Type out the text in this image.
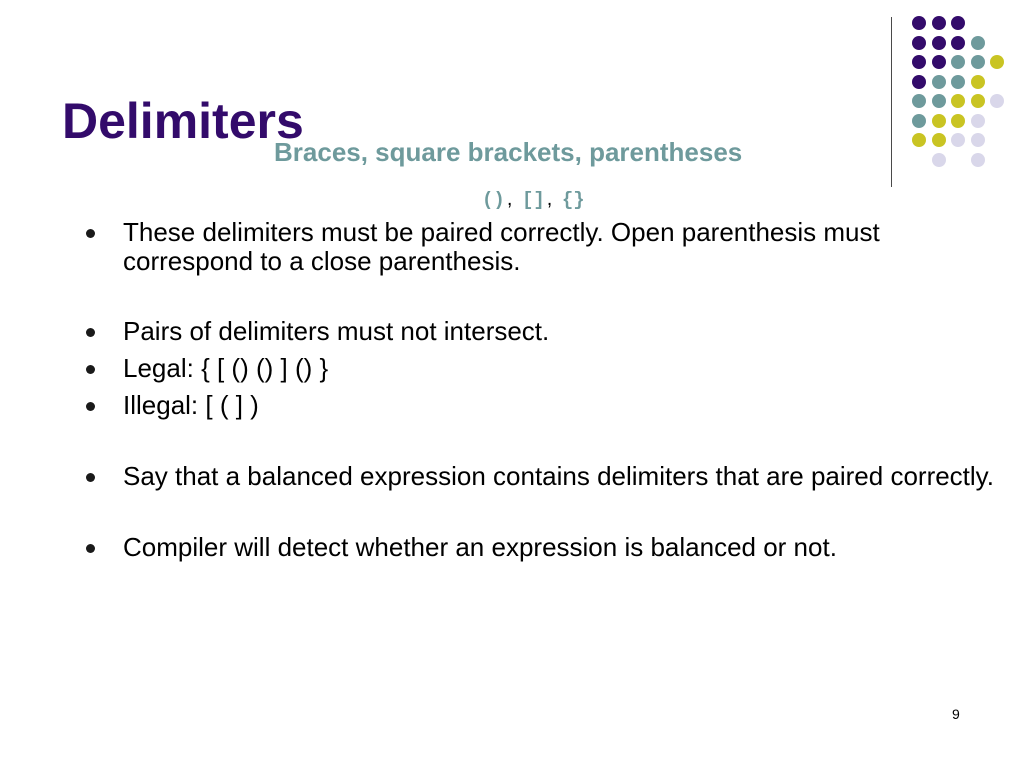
Delimiters
Braces, square brackets, parentheses
() , [] , {}
These delimiters must be paired correctly. Open parenthesis must correspond to a close parenthesis.
Pairs of delimiters must not intersect.
Legal: { [ () () ] () }
Illegal: [ ( ] )
Say that a balanced expression contains delimiters that are paired correctly.
Compiler will detect whether an expression is balanced or not.
9
